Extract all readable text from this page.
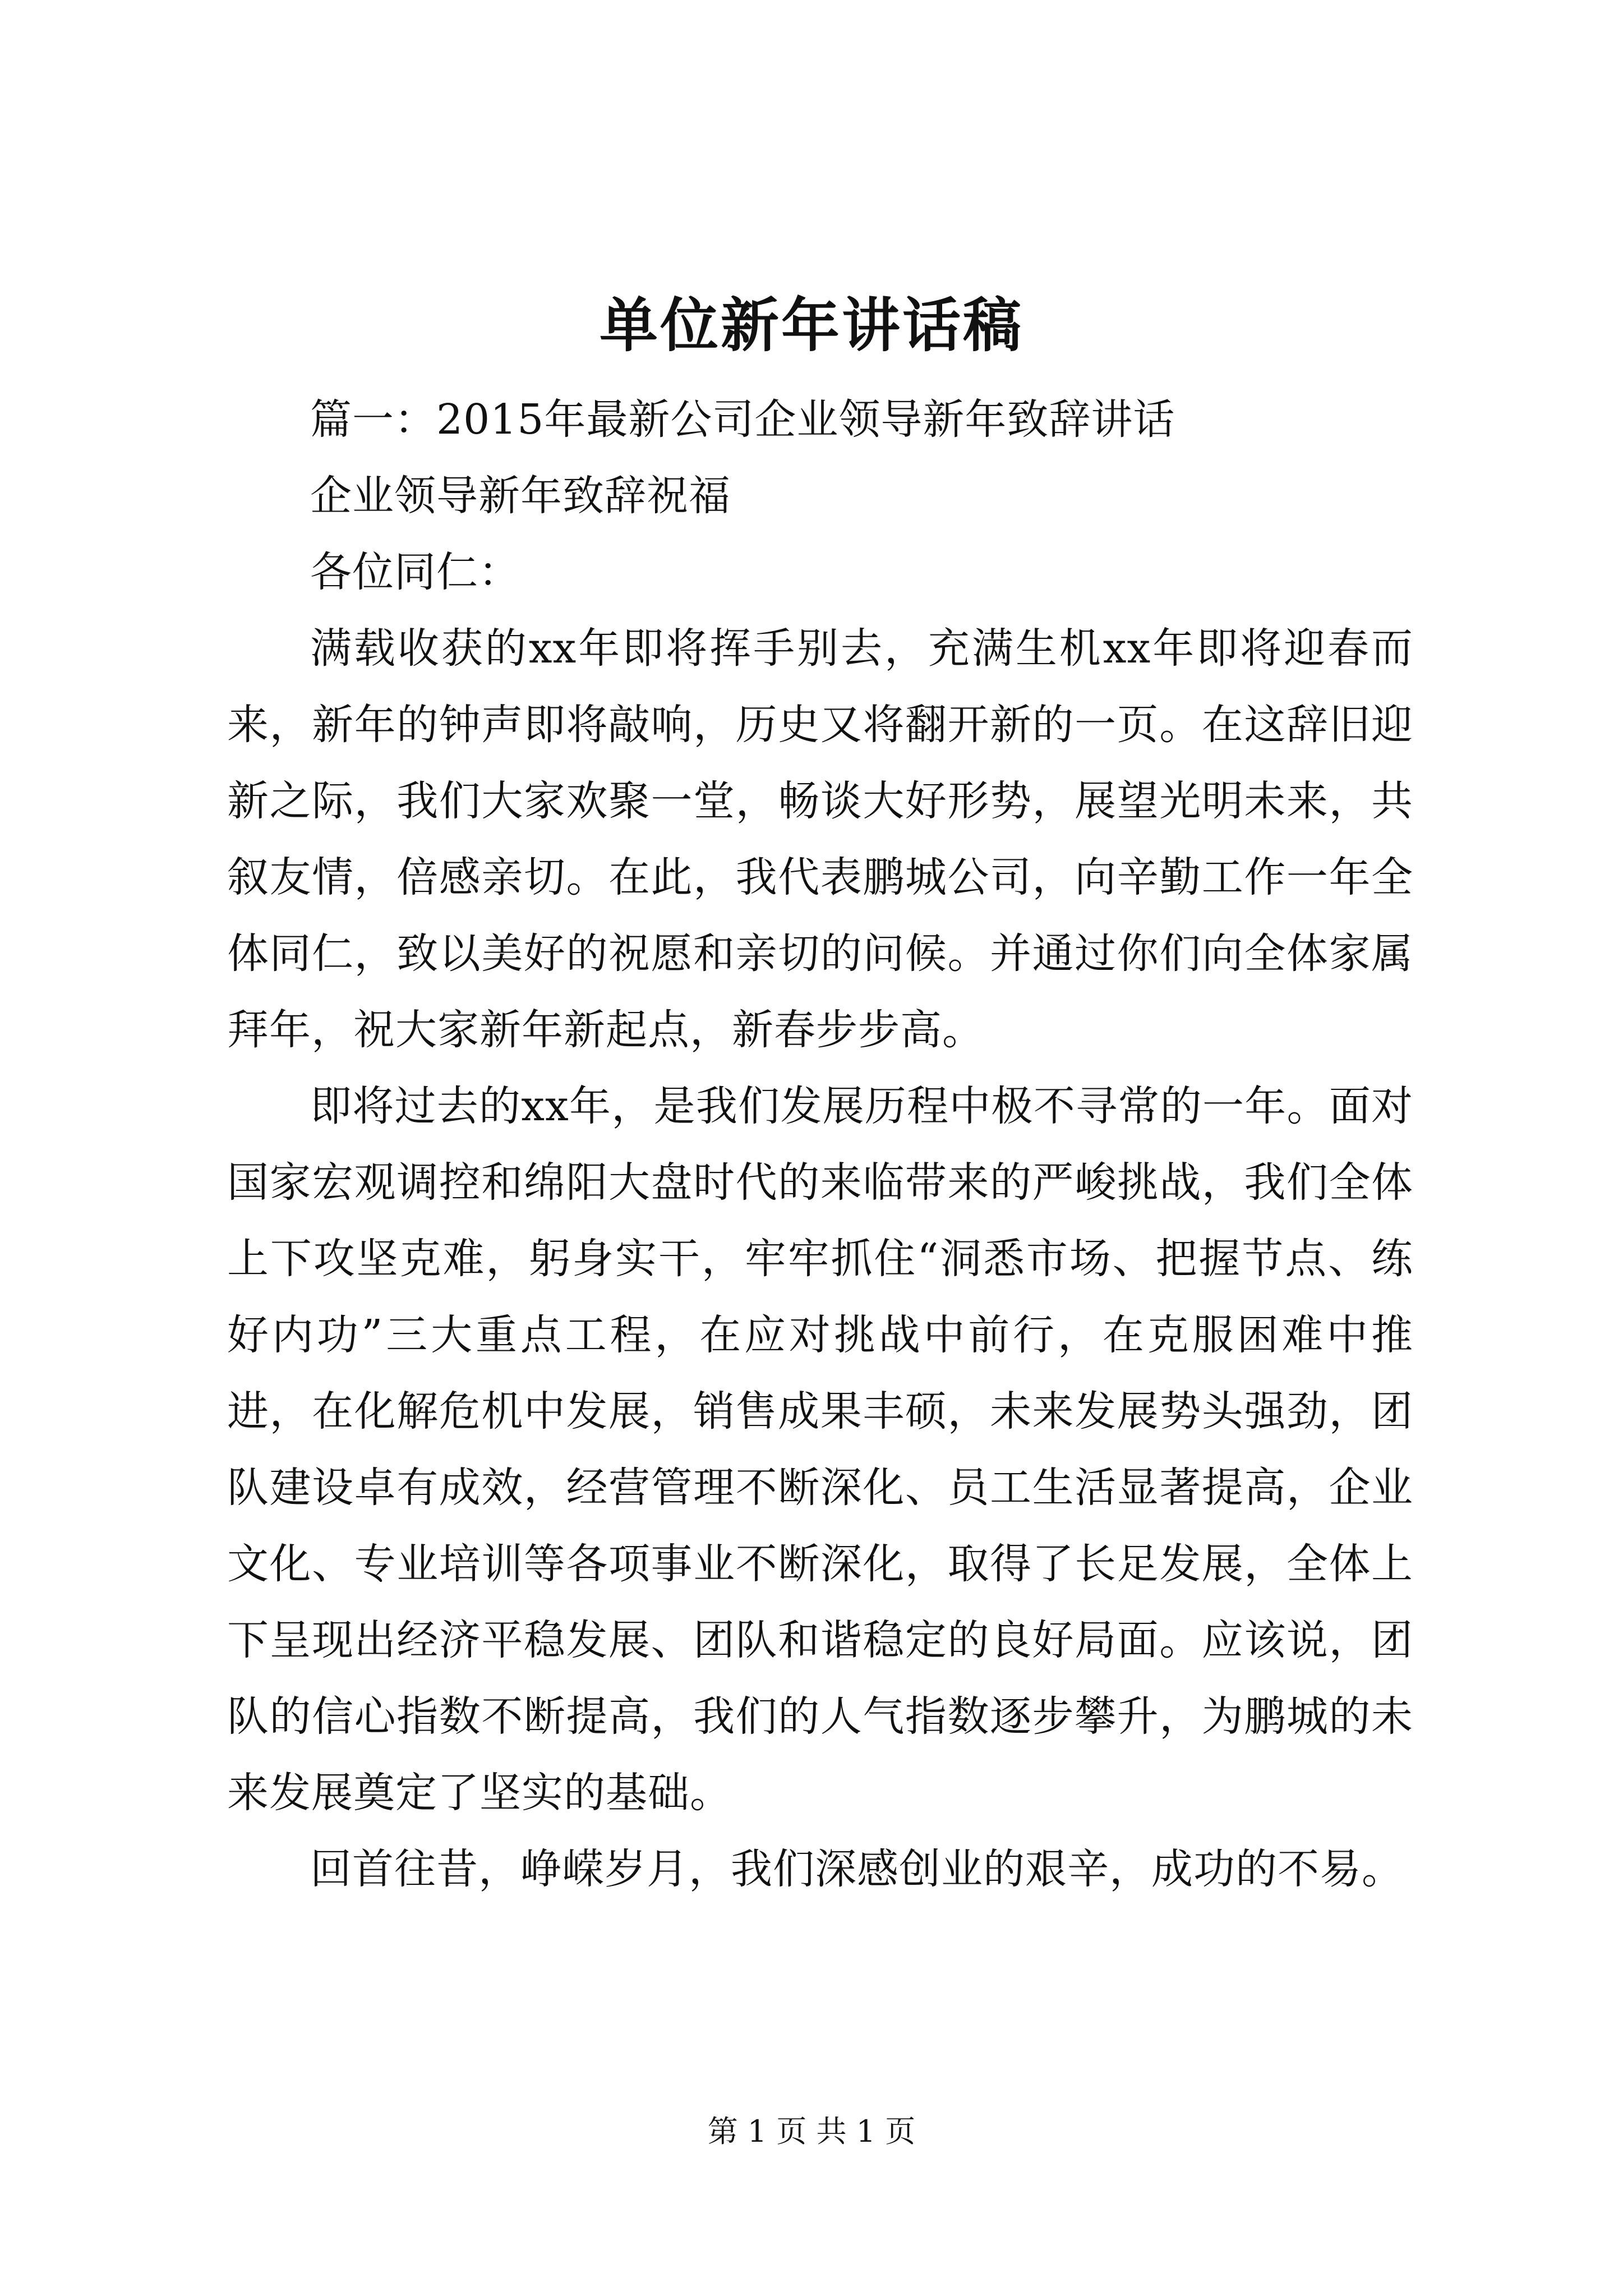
单位新年讲话稿

篇一：2015年最新公司企业领导新年致辞讲话

企业领导新年致辞祝福

各位同仁：

满载收获的xx年即将挥手别去，充满生机xx年即将迎春而来，新年的钟声即将敲响，历史又将翻开新的一页。在这辞旧迎新之际，我们大家欢聚一堂，畅谈大好形势，展望光明未来，共叙友情，倍感亲切。在此，我代表鹏城公司，向辛勤工作一年全体同仁，致以美好的祝愿和亲切的问候。并通过你们向全体家属拜年，祝大家新年新起点，新春步步高。

即将过去的xx年，是我们发展历程中极不寻常的一年。面对国家宏观调控和绵阳大盘时代的来临带来的严峻挑战，我们全体上下攻坚克难，躬身实干，牢牢抓住“洞悉市场、把握节点、练好内功”三大重点工程，在应对挑战中前行，在克服困难中推进，在化解危机中发展，销售成果丰硕，未来发展势头强劲，团队建设卓有成效，经营管理不断深化、员工生活显著提高，企业文化、专业培训等各项事业不断深化，取得了长足发展，全体上下呈现出经济平稳发展、团队和谐稳定的良好局面。应该说，团队的信心指数不断提高，我们的人气指数逐步攀升，为鹏城的未来发展奠定了坚实的基础。

回首往昔，峥嵘岁月，我们深感创业的艰辛，成功的不易。

第 1 页 共 1 页
